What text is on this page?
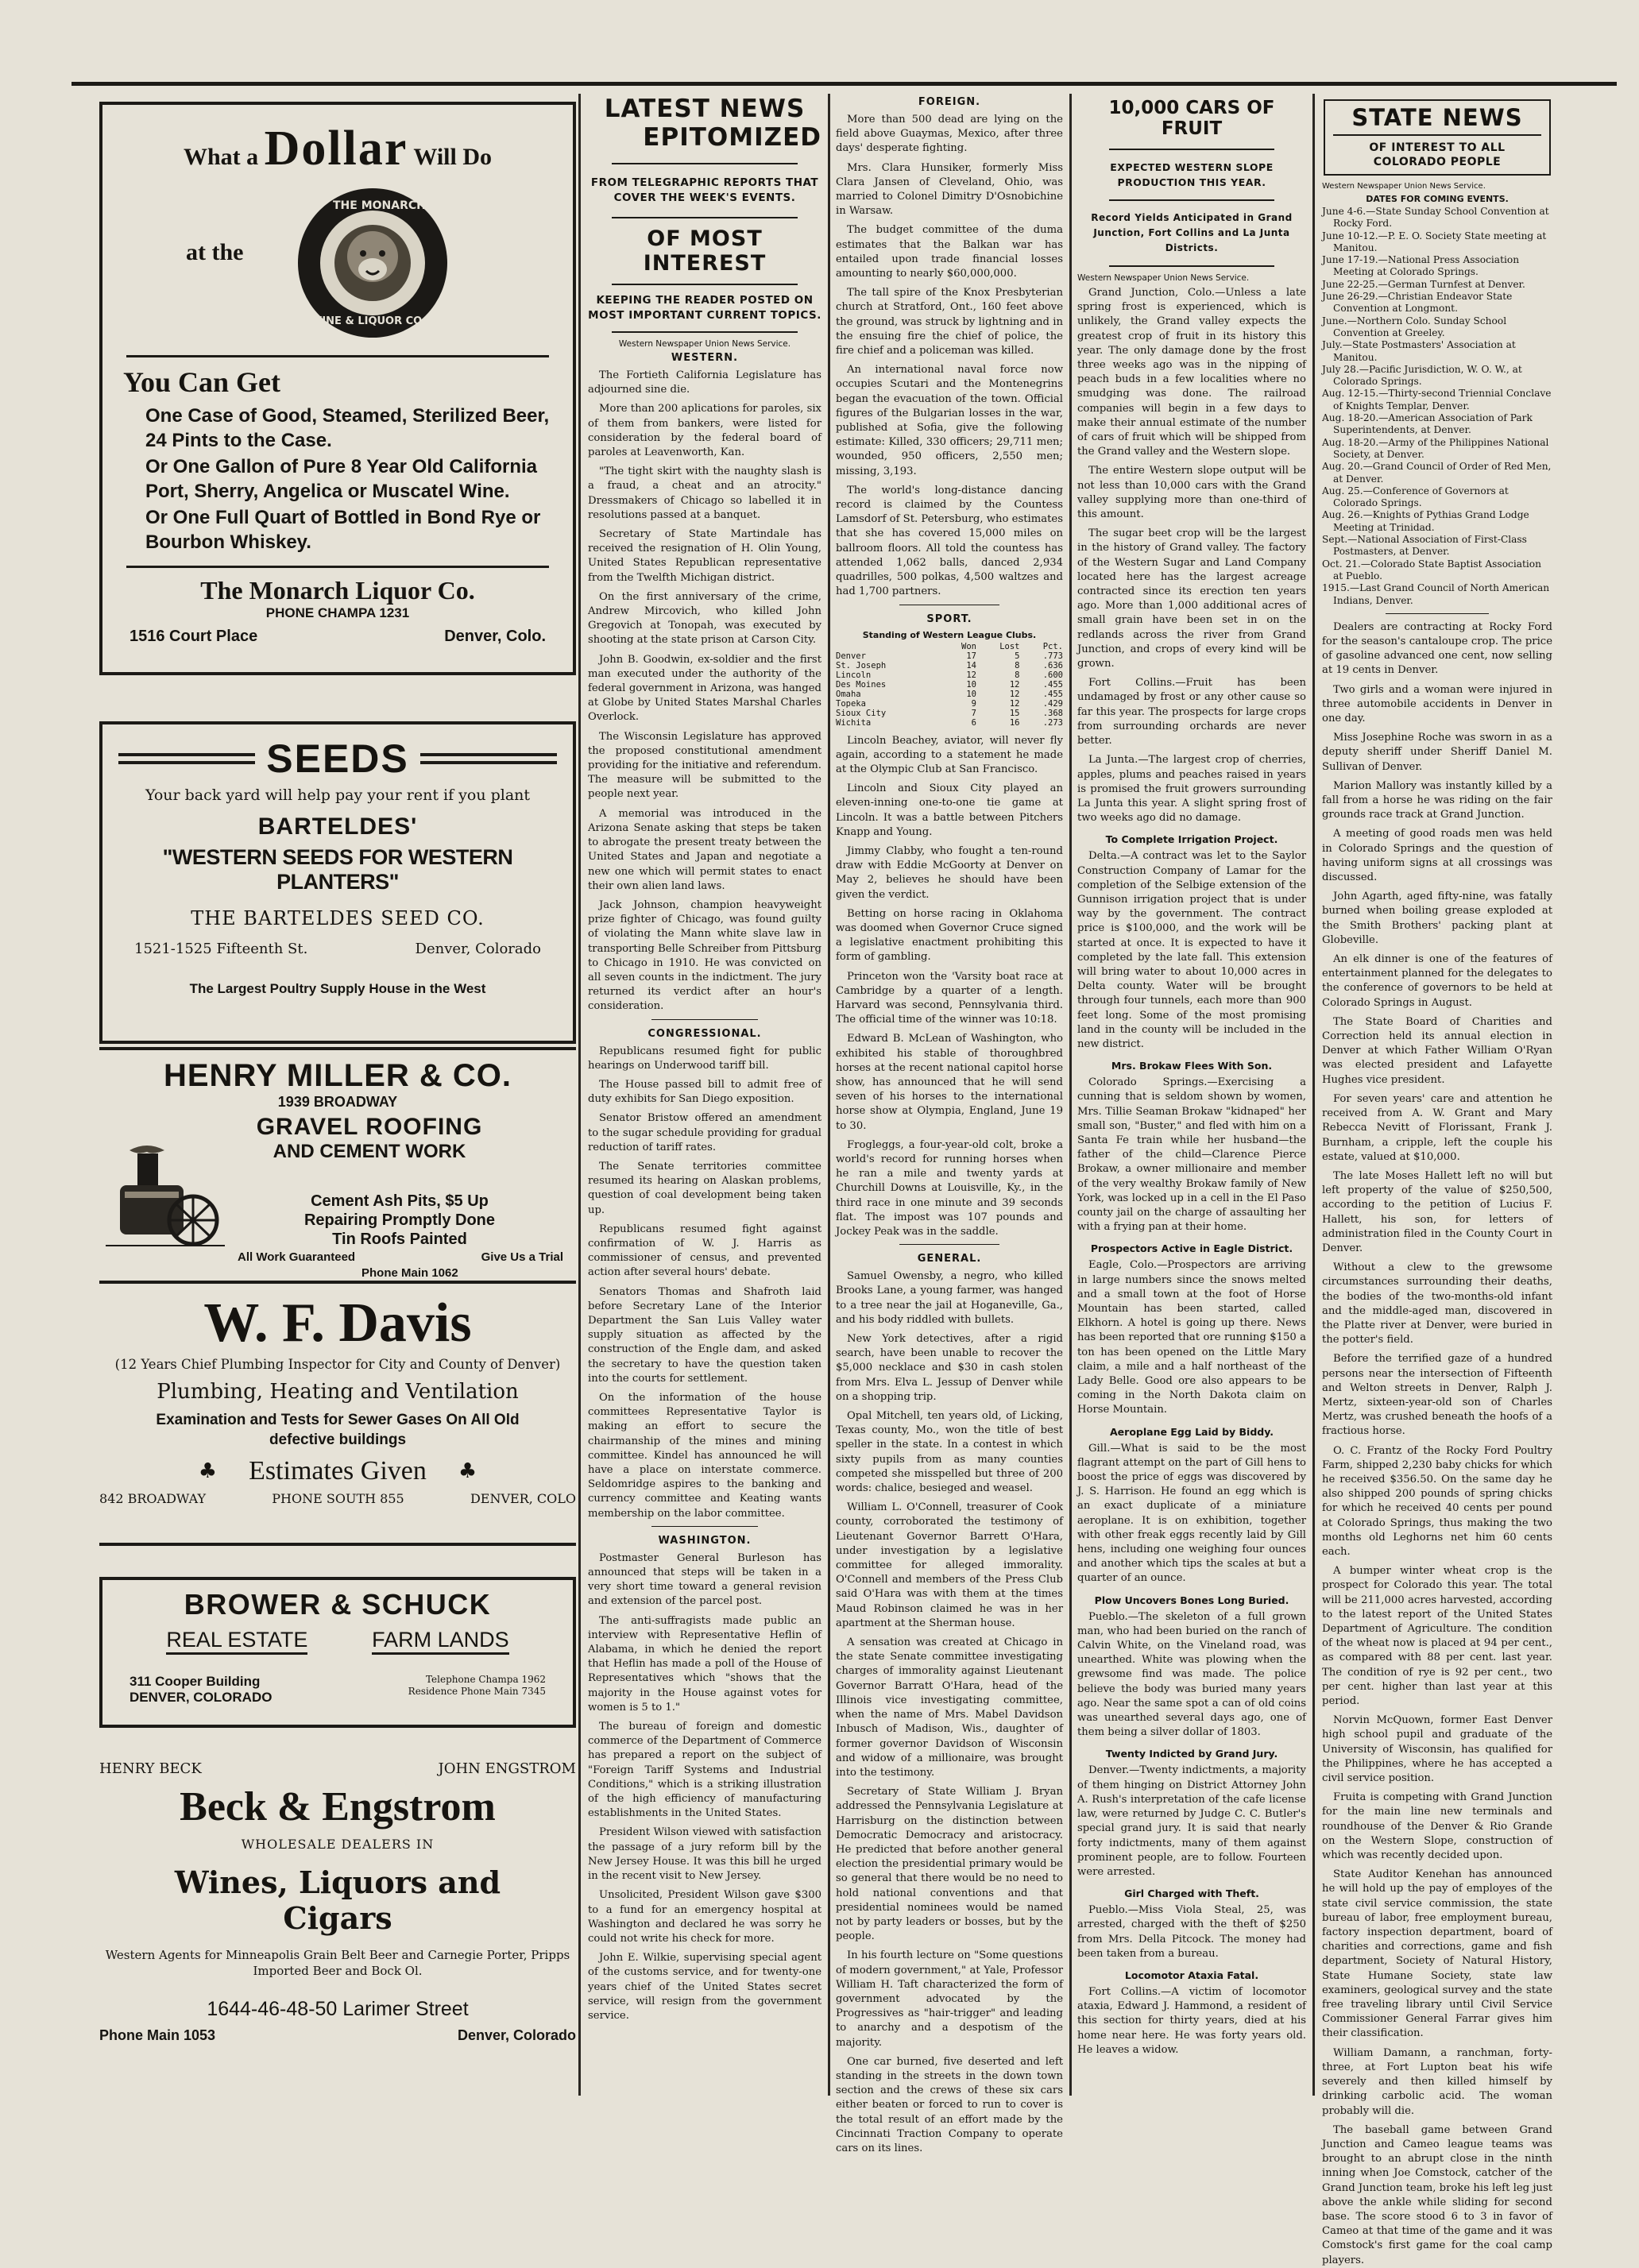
What a Dollar Will Do
at the
THE MONARCH
WINE & LIQUOR CO.
You Can Get
One Case of Good, Steamed, Sterilized Beer, 24 Pints to the Case.
Or One Gallon of Pure 8 Year Old California Port, Sherry, Angelica or Muscatel Wine.
Or One Full Quart of Bottled in Bond Rye or Bourbon Whiskey.
The Monarch Liquor Co.
PHONE CHAMPA 1231
1516 Court Place	Denver, Colo.
SEEDS
Your back yard will help pay your rent if you plant
BARTELDES'
"WESTERN SEEDS FOR WESTERN PLANTERS"
THE BARTELDES SEED CO.
1521-1525 Fifteenth St.	Denver, Colorado
The Largest Poultry Supply House in the West
HENRY MILLER & CO.
1939 BROADWAY
GRAVEL ROOFING
AND CEMENT WORK
Cement Ash Pits, $5 Up
Repairing Promptly Done
Tin Roofs Painted
All Work Guaranteed	Give Us a Trial
Phone Main 1062
W. F. Davis
(12 Years Chief Plumbing Inspector for City and County of Denver)
Plumbing, Heating and Ventilation
Examination and Tests for Sewer Gases On All Old defective buildings
♣ Estimates Given ♣
842 BROADWAY	PHONE SOUTH 855	DENVER, COLO
BROWER & SCHUCK
REAL ESTATE	FARM LANDS
311 Cooper Building
DENVER, COLORADO
Telephone Champa 1962
Residence Phone Main 7345
HENRY BECK	JOHN ENGSTROM
Beck & Engstrom
WHOLESALE DEALERS IN
Wines, Liquors and
Cigars
Western Agents for Minneapolis Grain Belt Beer and Carnegie Porter, Pripps Imported Beer and Bock Ol.
1644-46-48-50 Larimer Street
Phone Main 1053	Denver, Colorado
LATEST NEWS
EPITOMIZED
FROM TELEGRAPHIC REPORTS THAT COVER THE WEEK'S EVENTS.
OF MOST INTEREST
KEEPING THE READER POSTED ON MOST IMPORTANT CURRENT TOPICS.
Western Newspaper Union News Service.
WESTERN.

The Fortieth California Legislature has adjourned sine die.

More than 200 aplications for paroles, six of them from bankers, were listed for consideration by the federal board of paroles at Leavenworth, Kan.

"The tight skirt with the naughty slash is a fraud, a cheat and an atrocity." Dressmakers of Chicago so labelled it in resolutions passed at a banquet.

Secretary of State Martindale has received the resignation of H. Olin Young, United States Republican representative from the Twelfth Michigan district.

On the first anniversary of the crime, Andrew Mircovich, who killed John Gregovich at Tonopah, was executed by shooting at the state prison at Carson City.

John B. Goodwin, ex-soldier and the first man executed under the authority of the federal government in Arizona, was hanged at Globe by United States Marshal Charles Overlock.

The Wisconsin Legislature has approved the proposed constitutional amendment providing for the initiative and referendum. The measure will be submitted to the people next year.

A memorial was introduced in the Arizona Senate asking that steps be taken to abrogate the present treaty between the United States and Japan and negotiate a new one which will permit states to enact their own alien land laws.

Jack Johnson, champion heavyweight prize fighter of Chicago, was found guilty of violating the Mann white slave law in transporting Belle Schreiber from Pittsburg to Chicago in 1910. He was convicted on all seven counts in the indictment. The jury returned its verdict after an hour's consideration.

CONGRESSIONAL.

Republicans resumed fight for public hearings on Underwood tariff bill.

The House passed bill to admit free of duty exhibits for San Diego exposition.

Senator Bristow offered an amendment to the sugar schedule providing for gradual reduction of tariff rates.

The Senate territories committee resumed its hearing on Alaskan problems, question of coal development being taken up.

Republicans resumed fight against confirmation of W. J. Harris as commissioner of census, and prevented action after several hours' debate.

Senators Thomas and Shafroth laid before Secretary Lane of the Interior Department the San Luis Valley water supply situation as affected by the construction of the Engle dam, and asked the secretary to have the question taken into the courts for settlement.

On the information of the house committees Representative Taylor is making an effort to secure the chairmanship of the mines and mining committee. Kindel has announced he will have a place on interstate commerce. Seldomridge aspires to the banking and currency committee and Keating wants membership on the labor committee.

WASHINGTON.

Postmaster General Burleson has announced that steps will be taken in a very short time toward a general revision and extension of the parcel post.

The anti-suffragists made public an interview with Representative Heflin of Alabama, in which he denied the report that Heflin has made a poll of the House of Representatives which "shows that the majority in the House against votes for women is 5 to 1."

The bureau of foreign and domestic commerce of the Department of Commerce has prepared a report on the subject of "Foreign Tariff Systems and Industrial Conditions," which is a striking illustration of the high efficiency of manufacturing establishments in the United States.

President Wilson viewed with satisfaction the passage of a jury reform bill by the New Jersey House. It was this bill he urged in the recent visit to New Jersey.

Unsolicited, President Wilson gave $300 to a fund for an emergency hospital at Washington and declared he was sorry he could not write his check for more.

John E. Wilkie, supervising special agent of the customs service, and for twenty-one years chief of the United States secret service, will resign from the government service.

FOREIGN.

More than 500 dead are lying on the field above Guaymas, Mexico, after three days' desperate fighting.

Mrs. Clara Hunsiker, formerly Miss Clara Jansen of Cleveland, Ohio, was married to Colonel Dimitry D'Osnobichine in Warsaw.

The budget committee of the duma estimates that the Balkan war has entailed upon trade financial losses amounting to nearly $60,000,000.

The tall spire of the Knox Presbyterian church at Stratford, Ont., 160 feet above the ground, was struck by lightning and in the ensuing fire the chief of police, the fire chief and a policeman was killed.

An international naval force now occupies Scutari and the Montenegrins began the evacuation of the town. Official figures of the Bulgarian losses in the war, published at Sofia, give the following estimate: Killed, 330 officers; 29,711 men; wounded, 950 officers, 2,550 men; missing, 3,193.

The world's long-distance dancing record is claimed by the Countess Lamsdorf of St. Petersburg, who estimates that she has covered 15,000 miles on ballroom floors. All told the countess has attended 1,062 balls, danced 2,934 quadrilles, 500 polkas, 4,500 waltzes and had 1,700 partners.

SPORT.
Standing of Western League Clubs.
	Won	Lost	Pct.
Denver	17	5	.773
St. Joseph	14	8	.636
Lincoln	12	8	.600
Des Moines	10	12	.455
Omaha	10	12	.455
Topeka	9	12	.429
Sioux City	7	15	.368
Wichita	6	16	.273

Lincoln Beachey, aviator, will never fly again, according to a statement he made at the Olympic Club at San Francisco.

Lincoln and Sioux City played an eleven-inning one-to-one tie game at Lincoln. It was a battle between Pitchers Knapp and Young.

Jimmy Clabby, who fought a ten-round draw with Eddie McGoorty at Denver on May 2, believes he should have been given the verdict.

Betting on horse racing in Oklahoma was doomed when Governor Cruce signed a legislative enactment prohibiting this form of gambling.

Princeton won the 'Varsity boat race at Cambridge by a quarter of a length. Harvard was second, Pennsylvania third. The official time of the winner was 10:18.

Edward B. McLean of Washington, who exhibited his stable of thoroughbred horses at the recent national capitol horse show, has announced that he will send seven of his horses to the international horse show at Olympia, England, June 19 to 30.

Frogleggs, a four-year-old colt, broke a world's record for running horses when he ran a mile and twenty yards at Churchill Downs at Louisville, Ky., in the third race in one minute and 39 seconds flat. The impost was 107 pounds and Jockey Peak was in the saddle.

GENERAL.

Samuel Owensby, a negro, who killed Brooks Lane, a young farmer, was hanged to a tree near the jail at Hoganeville, Ga., and his body riddled with bullets.

New York detectives, after a rigid search, have been unable to recover the $5,000 necklace and $30 in cash stolen from Mrs. Elva L. Jessup of Denver while on a shopping trip.

Opal Mitchell, ten years old, of Licking, Texas county, Mo., won the title of best speller in the state. In a contest in which sixty pupils from as many counties competed she misspelled but three of 200 words: chalice, besieged and weasel.

William L. O'Connell, treasurer of Cook county, corroborated the testimony of Lieutenant Governor Barrett O'Hara, under investigation by a legislative committee for alleged immorality. O'Connell and members of the Press Club said O'Hara was with them at the times Maud Robinson claimed he was in her apartment at the Sherman house.

A sensation was created at Chicago in the state Senate committee investigating charges of immorality against Lieutenant Governor Barratt O'Hara, head of the Illinois vice investigating committee, when the name of Mrs. Mabel Davidson Inbusch of Madison, Wis., daughter of former governor Davidson of Wisconsin and widow of a millionaire, was brought into the testimony.

Secretary of State William J. Bryan addressed the Pennsylvania Legislature at Harrisburg on the distinction between Democratic Democracy and aristocracy. He predicted that before another general election the presidential primary would be so general that there would be no need to hold national conventions and that presidential nominees would be named not by party leaders or bosses, but by the people.

In his fourth lecture on "Some questions of modern government," at Yale, Professor William H. Taft characterized the form of government advocated by the Progressives as "hair-trigger" and leading to anarchy and a despotism of the majority.

One car burned, five deserted and left standing in the streets in the down town section and the crews of these six cars either beaten or forced to run to cover is the total result of an effort made by the Cincinnati Traction Company to operate cars on its lines.

10,000 CARS OF FRUIT
EXPECTED WESTERN SLOPE PRODUCTION THIS YEAR.
Record Yields Anticipated in Grand Junction, Fort Collins and La Junta Districts.
Western Newspaper Union News Service.

Grand Junction, Colo.—Unless a late spring frost is experienced, which is unlikely, the Grand valley expects the greatest crop of fruit in its history this year. The only damage done by the frost three weeks ago was in the nipping of peach buds in a few localities where no smudging was done. The railroad companies will begin in a few days to make their annual estimate of the number of cars of fruit which will be shipped from the Grand valley and the Western slope.

The entire Western slope output will be not less than 10,000 cars with the Grand valley supplying more than one-third of this amount.

The sugar beet crop will be the largest in the history of Grand valley. The factory of the Western Sugar and Land Company located here has the largest acreage contracted since its erection ten years ago. More than 1,000 additional acres of small grain have been set in on the redlands across the river from Grand Junction, and crops of every kind will be grown.

Fort Collins.—Fruit has been undamaged by frost or any other cause so far this year. The prospects for large crops from surrounding orchards are never better.

La Junta.—The largest crop of cherries, apples, plums and peaches raised in years is promised the fruit growers surrounding La Junta this year. A slight spring frost of two weeks ago did no damage.

To Complete Irrigation Project.

Delta.—A contract was let to the Saylor Construction Company of Lamar for the completion of the Selbige extension of the Gunnison irrigation project that is under way by the government. The contract price is $100,000, and the work will be started at once. It is expected to have it completed by the late fall. This extension will bring water to about 10,000 acres in Delta county. Water will be brought through four tunnels, each more than 900 feet long. Some of the most promising land in the county will be included in the new district.

Mrs. Brokaw Flees With Son.

Colorado Springs.—Exercising a cunning that is seldom shown by women, Mrs. Tillie Seaman Brokaw "kidnaped" her small son, "Buster," and fled with him on a Santa Fe train while her husband—the father of the child—Clarence Pierce Brokaw, a owner millionaire and member of the very wealthy Brokaw family of New York, was locked up in a cell in the El Paso county jail on the charge of assaulting her with a frying pan at their home.

Prospectors Active in Eagle District.

Eagle, Colo.—Prospectors are arriving in large numbers since the snows melted and a small town at the foot of Horse Mountain has been started, called Elkhorn. A hotel is going up there. News has been reported that ore running $150 a ton has been opened on the Little Mary claim, a mile and a half northeast of the Lady Belle. Good ore also appears to be coming in the North Dakota claim on Horse Mountain.

Aeroplane Egg Laid by Biddy.

Gill.—What is said to be the most flagrant attempt on the part of Gill hens to boost the price of eggs was discovered by J. S. Harrison. He found an egg which is an exact duplicate of a miniature aeroplane. It is on exhibition, together with other freak eggs recently laid by Gill hens, including one weighing four ounces and another which tips the scales at but a quarter of an ounce.

Plow Uncovers Bones Long Buried.

Pueblo.—The skeleton of a full grown man, who had been buried on the ranch of Calvin White, on the Vineland road, was unearthed. White was plowing when the grewsome find was made. The police believe the body was buried many years ago. Near the same spot a can of old coins was unearthed several days ago, one of them being a silver dollar of 1803.

Twenty Indicted by Grand Jury.

Denver.—Twenty indictments, a majority of them hinging on District Attorney John A. Rush's interpretation of the cafe license law, were returned by Judge C. C. Butler's special grand jury. It is said that nearly forty indictments, many of them against prominent people, are to follow. Fourteen were arrested.

Girl Charged with Theft.

Pueblo.—Miss Viola Steal, 25, was arrested, charged with the theft of $250 from Mrs. Della Pitcock. The money had been taken from a bureau.

Locomotor Ataxia Fatal.

Fort Collins.—A victim of locomotor ataxia, Edward J. Hammond, a resident of this section for thirty years, died at his home near here. He was forty years old. He leaves a widow.

STATE NEWS
OF INTEREST TO ALL COLORADO PEOPLE
Western Newspaper Union News Service.
DATES FOR COMING EVENTS.

June 4-6.—State Sunday School Convention at Rocky Ford.

June 10-12.—P. E. O. Society State meeting at Manitou.

June 17-19.—National Press Association Meeting at Colorado Springs.

June 22-25.—German Turnfest at Denver.

June 26-29.—Christian Endeavor State Convention at Longmont.

June.—Northern Colo. Sunday School Convention at Greeley.

July.—State Postmasters' Association at Manitou.

July 28.—Pacific Jurisdiction, W. O. W., at Colorado Springs.

Aug. 12-15.—Thirty-second Triennial Conclave of Knights Templar, Denver.

Aug. 18-20.—American Association of Park Superintendents, at Denver.

Aug. 18-20.—Army of the Philippines National Society, at Denver.

Aug. 20.—Grand Council of Order of Red Men, at Denver.

Aug. 25.—Conference of Governors at Colorado Springs.

Aug. 26.—Knights of Pythias Grand Lodge Meeting at Trinidad.

Sept.—National Association of First-Class Postmasters, at Denver.

Oct. 21.—Colorado State Baptist Association at Pueblo.

1915.—Last Grand Council of North American Indians, Denver.

Dealers are contracting at Rocky Ford for the season's cantaloupe crop. The price of gasoline advanced one cent, now selling at 19 cents in Denver.

Two girls and a woman were injured in three automobile accidents in Denver in one day.

Miss Josephine Roche was sworn in as a deputy sheriff under Sheriff Daniel M. Sullivan of Denver.

Marion Mallory was instantly killed by a fall from a horse he was riding on the fair grounds race track at Grand Junction.

A meeting of good roads men was held in Colorado Springs and the question of having uniform signs at all crossings was discussed.

John Agarth, aged fifty-nine, was fatally burned when boiling grease exploded at the Smith Brothers' packing plant at Globeville.

An elk dinner is one of the features of entertainment planned for the delegates to the conference of governors to be held at Colorado Springs in August.

The State Board of Charities and Correction held its annual election in Denver at which Father William O'Ryan was elected president and Lafayette Hughes vice president.

For seven years' care and attention he received from A. W. Grant and Mary Rebecca Nevitt of Florissant, Frank J. Burnham, a cripple, left the couple his estate, valued at $10,000.

The late Moses Hallett left no will but left property of the value of $250,500, according to the petition of Lucius F. Hallett, his son, for letters of administration filed in the County Court in Denver.

Without a clew to the grewsome circumstances surrounding their deaths, the bodies of the two-months-old infant and the middle-aged man, discovered in the Platte river at Denver, were buried in the potter's field.

Before the terrified gaze of a hundred persons near the intersection of Fifteenth and Welton streets in Denver, Ralph J. Mertz, sixteen-year-old son of Charles Mertz, was crushed beneath the hoofs of a fractious horse.

O. C. Frantz of the Rocky Ford Poultry Farm, shipped 2,230 baby chicks for which he received $356.50. On the same day he also shipped 200 pounds of spring chicks for which he received 40 cents per pound at Colorado Springs, thus making the two months old Leghorns net him 60 cents each.

A bumper winter wheat crop is the prospect for Colorado this year. The total will be 211,000 acres harvested, according to the latest report of the United States Department of Agriculture. The condition of the wheat now is placed at 94 per cent., as compared with 88 per cent. last year. The condition of rye is 92 per cent., two per cent. higher than last year at this period.

Norvin McQuown, former East Denver high school pupil and graduate of the University of Wisconsin, has qualified for the Philippines, where he has accepted a civil service position.

Fruita is competing with Grand Junction for the main line new terminals and roundhouse of the Denver & Rio Grande on the Western Slope, construction of which was recently decided upon.

State Auditor Kenehan has announced he will hold up the pay of employes of the state civil service commission, the state bureau of labor, free employment bureau, factory inspection department, board of charities and corrections, game and fish department, Society of Natural History, State Humane Society, state law examiners, geological survey and the state free traveling library until Civil Service Commissioner General Farrar gives him their classification.

William Damann, a ranchman, forty-three, at Fort Lupton beat his wife severely and then killed himself by drinking carbolic acid. The woman probably will die.

The baseball game between Grand Junction and Cameo league teams was brought to an abrupt close in the ninth inning when Joe Comstock, catcher of the Grand Junction team, broke his left leg just above the ankle while sliding for second base. The score stood 6 to 3 in favor of Cameo at that time of the game and it was Comstock's first game for the coal camp players.
